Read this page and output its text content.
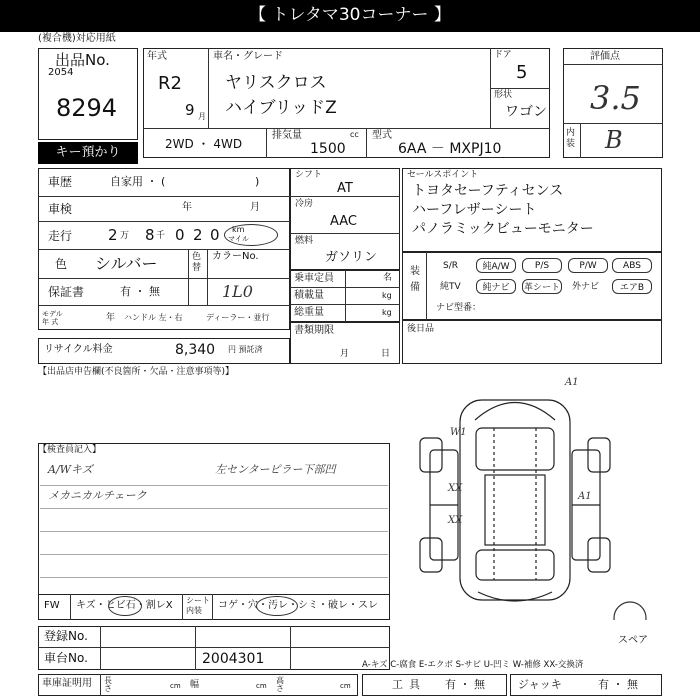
【 トレタマ30コーナー 】
(複合機)対応用紙
出品No.
2054
8294
キー預かり
年式
R2
9 月
車名・グレード
ヤリスクロス
ハイブリッドZ
ドア
5
形状
ワゴン
2WD ・ 4WD
排気量	cc
1500
型式
6AA － MXPJ10
評価点
3.5
内装 B
車歴	自家用 ・ (	)
車検	年	月
走行 2 万 8 千 0 2 0 km
マイル
色 シルバー	色替
カラーNo.
1L0
保証書	有 ・ 無
モデル
年 式	年 ハンドル 左・右	ディーラー・並行
シフト
AT
冷房
AAC
燃料
ガソリン
乗車定員	名
積載量	kg
総重量	kg
書類期限
月	日
セールスポイント
トヨタセーフティセンス
ハーフレザーシート
パノラミックビューモニター
装備
S/R	純A/W	P/S	P/W	ABS
純TV 純ナビ 革シート 外ナビ エアB
ナビ型番：
後日品
リサイクル料金	8,340 円 預託済
【出品店申告欄(不良箇所・欠品・注意事項等)】
【検査員記入】
A/Wキズ
メカニカルチェーク
左センターピラー下部凹
A1
W1
A1
XX
XX
スペア
FW キズ・ヒビ石・割レX シート
内装	コゲ・穴・汚レ・シミ・破レ・スレ
登録No.
車台No.	2004301
車庫証明用 長さ	幅	高さ
cm	cm	cm
A-キズ C-腐食 E-エクボ S-サビ U-凹ミ W-補修 XX-交換済
工具 有 ・ 無	ジャッキ	有 ・ 無
